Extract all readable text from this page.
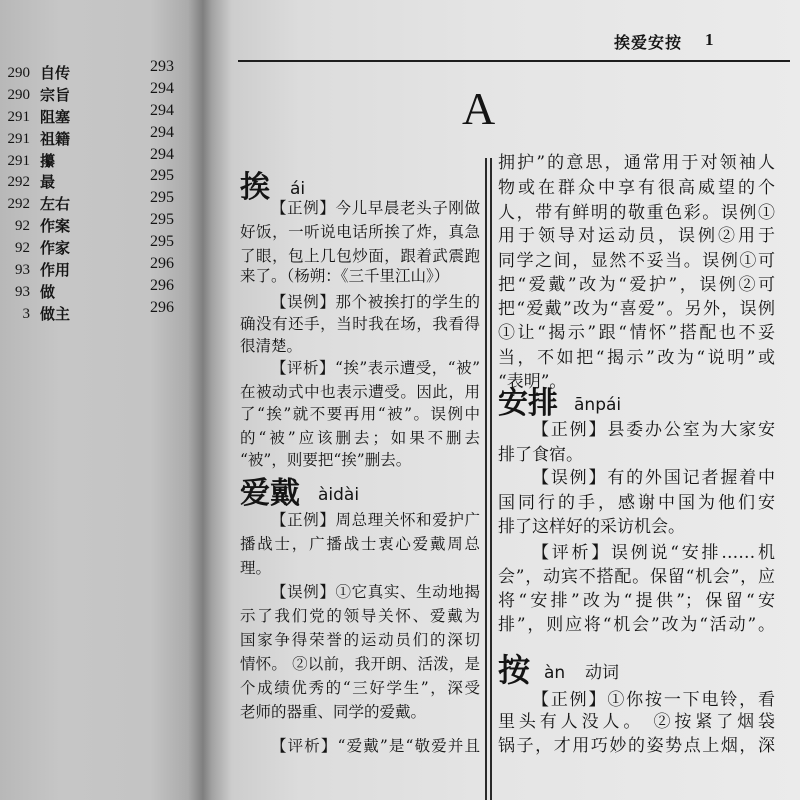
290 自传	293
290 宗旨	294
291 阻塞	294
291 祖籍	294
291 攥	294
292 最	295
292 左右	295
92 作案	295
92 作家	295
93 作用	296
93 做	296
3 做主	296
挨爱安按 1
A
挨 ái
【正例】今儿早晨老头子刚做
好饭，一听说电话所挨了炸，真急
了眼，包上几包炒面，跟着武震跑
来了。（杨朔：《三千里江山》）
【误例】那个被挨打的学生的
确没有还手，当时我在场，我看得
很清楚。
【评析】“挨”表示遭受，“被”
在被动式中也表示遭受。因此，用
了“挨”就不要再用“被”。误例中
的“被”应该删去；如果不删去
“被”，则要把“挨”删去。
爱戴 àidài
【正例】周总理关怀和爱护广
播战士，广播战士衷心爱戴周总
理。
【误例】①它真实、生动地揭
示了我们党的领导关怀、爱戴为
国家争得荣誉的运动员们的深切
情怀。 ②以前，我开朗、活泼，是
个成绩优秀的“三好学生”，深受
老师的器重、同学的爱戴。
【评析】“爱戴”是“敬爱并且
拥护”的意思，通常用于对领袖人
物或在群众中享有很高威望的个
人，带有鲜明的敬重色彩。误例①
用于领导对运动员，误例②用于
同学之间，显然不妥当。误例①可
把“爱戴”改为“爱护”，误例②可
把“爱戴”改为“喜爱”。另外，误例
①让“揭示”跟“情怀”搭配也不妥
当，不如把“揭示”改为“说明”或
“表明”。
安排 ānpái
【正例】县委办公室为大家安
排了食宿。
【误例】有的外国记者握着中
国同行的手，感谢中国为他们安
排了这样好的采访机会。
【评析】误例说“安排……机
会”，动宾不搭配。保留“机会”，应
将“安排”改为“提供”；保留“安
排”，则应将“机会”改为“活动”。
按 àn 动词
【正例】①你按一下电铃，看
里头有人没人。 ②按紧了烟袋
锅子，才用巧妙的姿势点上烟，深
